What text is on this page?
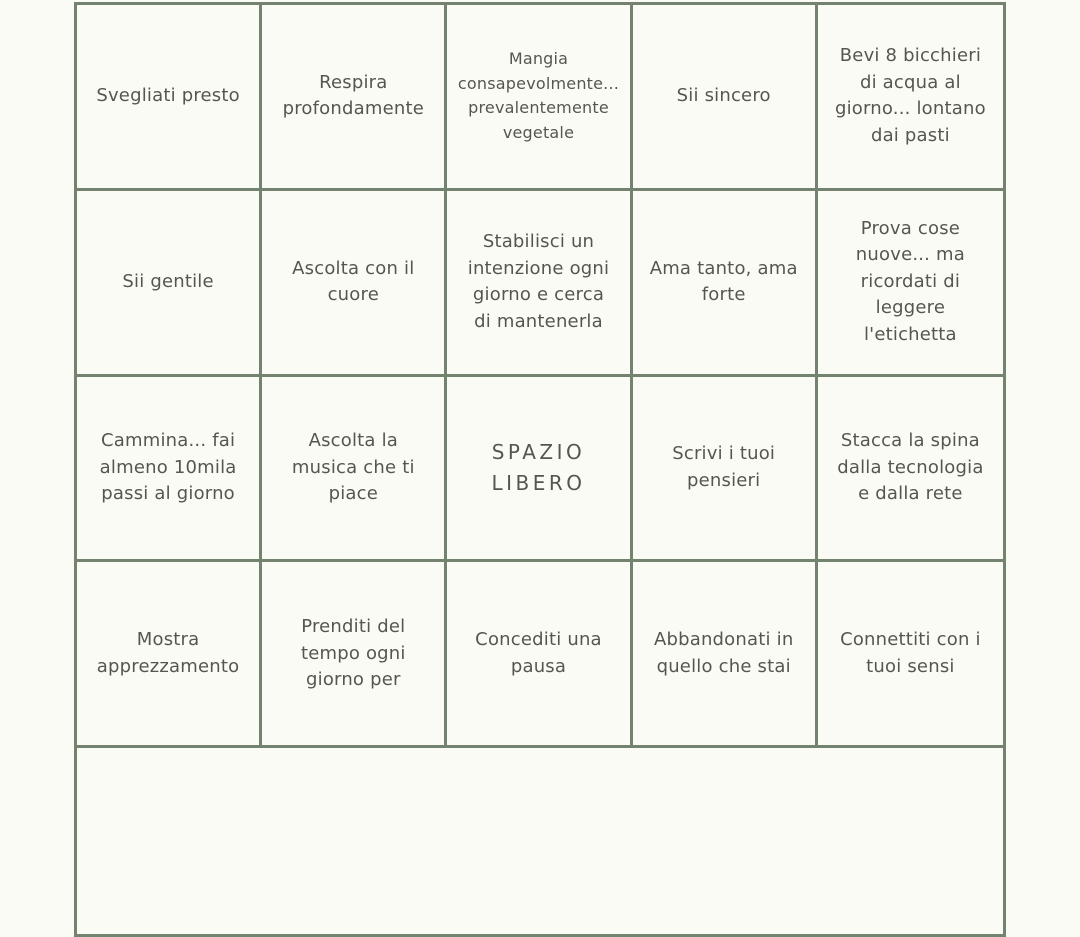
Svegliati presto
Respira profondamente
Mangia consapevolmente... prevalentemente vegetale
Sii sincero
Bevi 8 bicchieri di acqua al giorno... lontano dai pasti
Sii gentile
Ascolta con il cuore
Stabilisci un intenzione ogni giorno e cerca di mantenerla
Ama tanto, ama forte
Prova cose nuove... ma ricordati di leggere l'etichetta
Cammina... fai almeno 10mila passi al giorno
Ascolta la musica che ti piace
SPAZIO LIBERO
Scrivi i tuoi pensieri
Stacca la spina dalla tecnologia e dalla rete
Mostra apprezzamento
Prenditi del tempo ogni giorno per
Concediti una pausa
Abbandonati in quello che stai
Connettiti con i tuoi sensi
